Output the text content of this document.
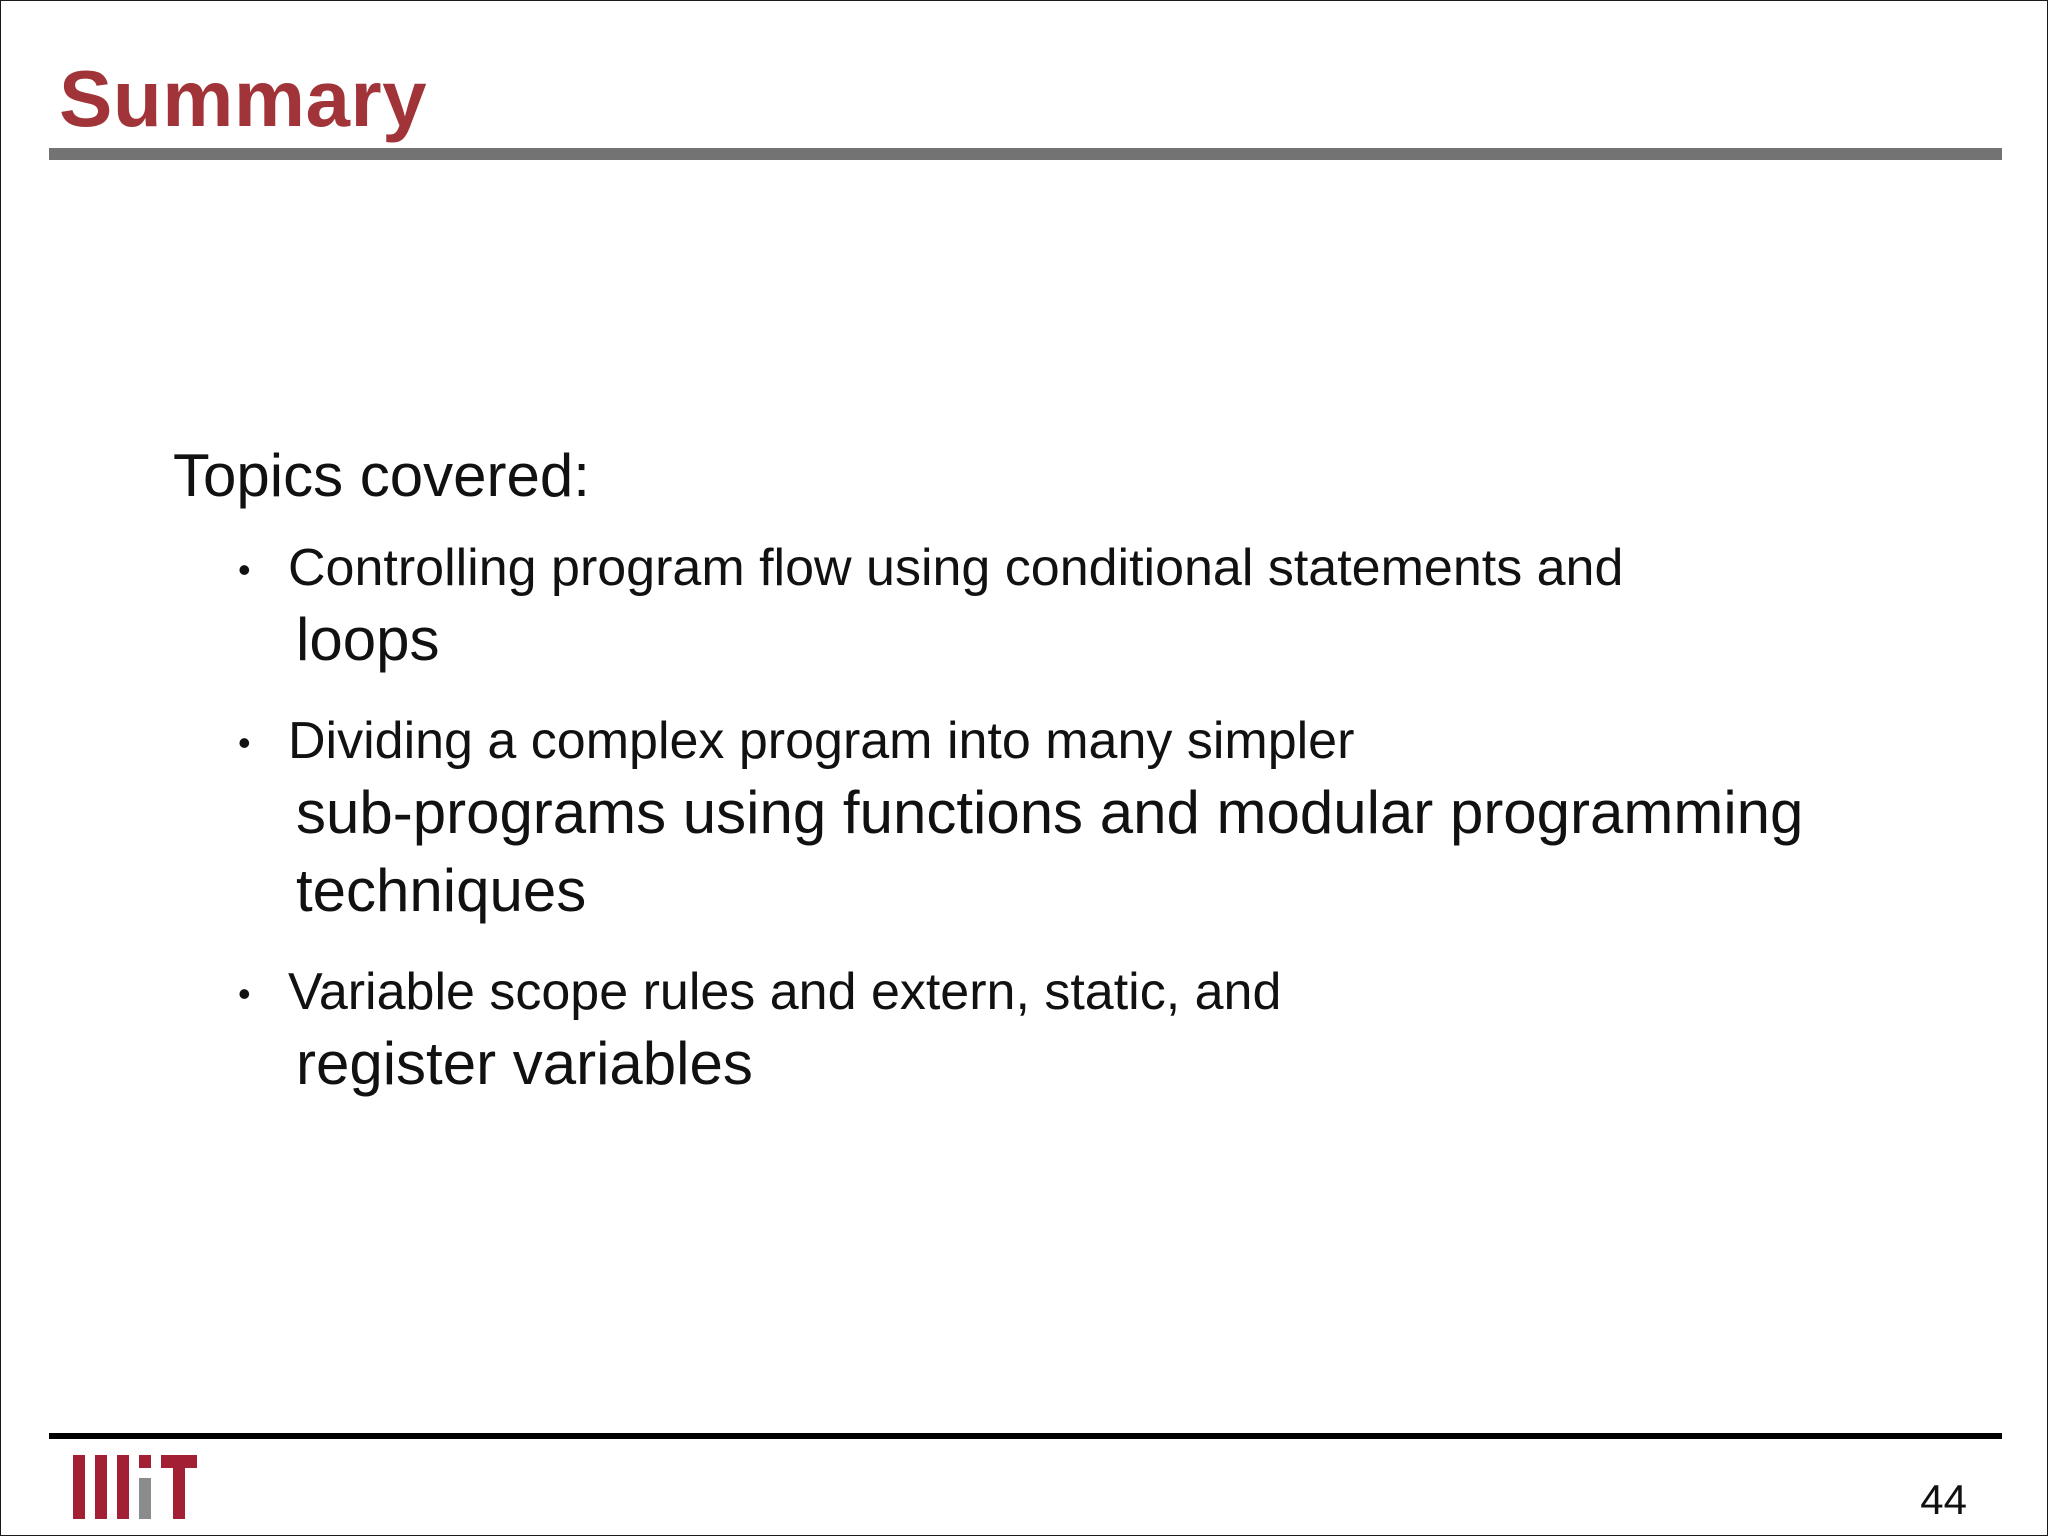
Summary
Topics covered:
• Controlling program flow using conditional statements and
loops
• Dividing a complex program into many simpler
sub-programs using functions and modular programming techniques
• Variable scope rules and extern, static, and
register variables
44
